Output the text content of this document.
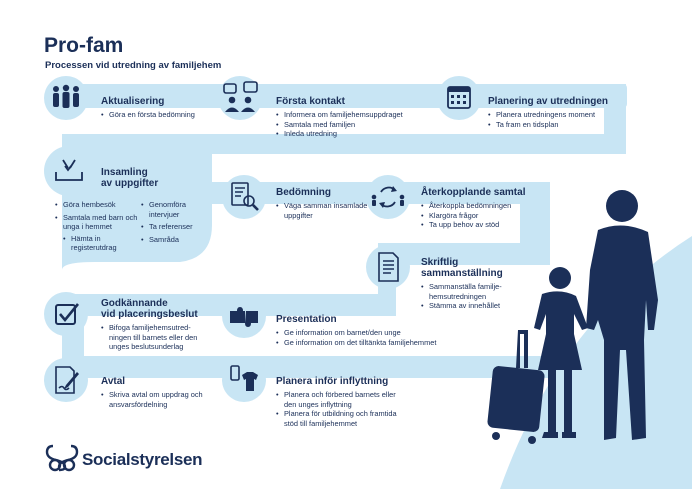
Pro-fam
Processen vid utredning av familjehem
Aktualisering
• Göra en första bedömning
Första kontakt
• Informera om familjehemsuppdraget
• Samtala med familjen
• Inleda utredning
Planering av utredningen
• Planera utredningens moment
• Ta fram en tidsplan
Insamling
av uppgifter
• Göra hembesök
• Samtala med barn och unga i hemmet
• Hämta in registerutdrag
• Genomföra intervjuer
• Ta referenser
• Samråda
Bedömning
• Väga samman insamlade uppgifter
Återkopplande samtal
• Återkoppla bedömningen
• Klargöra frågor
• Ta upp behov av stöd
Skriftlig sammanställning
• Sammanställa familje-hemsutredningen
• Stämma av innehållet
Godkännande
vid placeringsbeslut
• Bifoga familjehemsutred-ningen till barnets eller den unges beslutsunderlag
Presentation
• Ge information om barnet/den unge
• Ge information om det tilltänkta familjehemmet
Avtal
• Skriva avtal om uppdrag och ansvarsfördelning
Planera inför inflyttning
• Planera och förbered barnets eller den unges inflyttning
• Planera för utbildning och framtida stöd till familjehemmet
Socialstyrelsen
